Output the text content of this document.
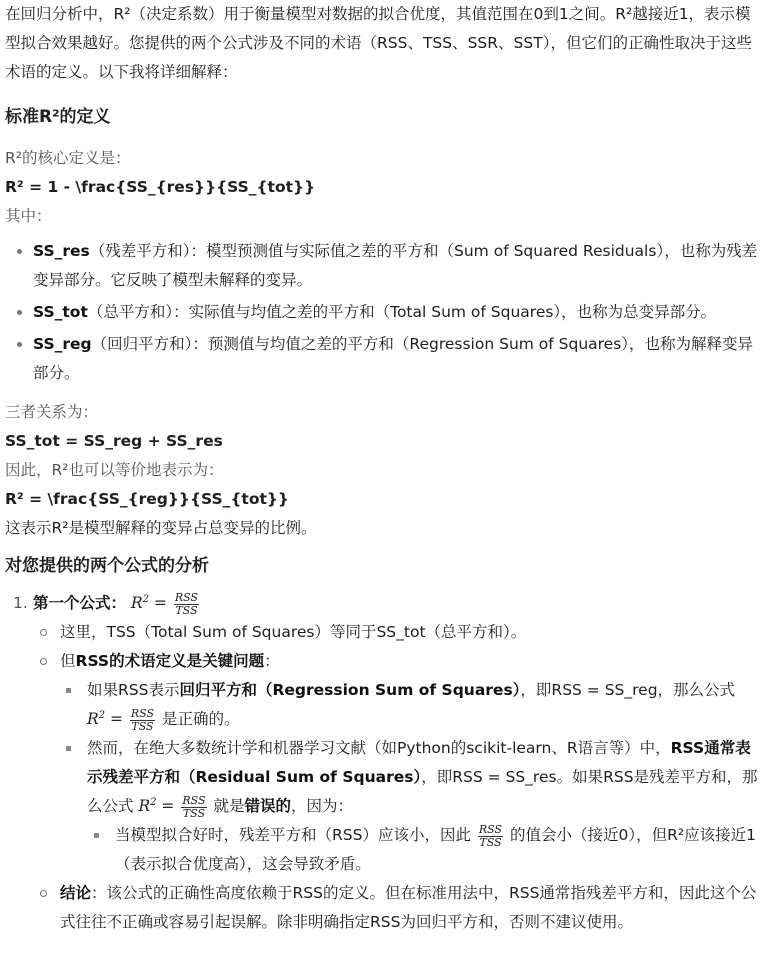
在回归分析中，R²（决定系数）用于衡量模型对数据的拟合优度，其值范围在0到1之间。R²越接近1，表示模型拟合效果越好。您提供的两个公式涉及不同的术语（RSS、TSS、SSR、SST），但它们的正确性取决于这些术语的定义。以下我将详细解释：

标准R²的定义

R²的核心定义是：

R² = 1 - \frac{SS_{res}}{SS_{tot}}

其中：

SS_res（残差平方和）：模型预测值与实际值之差的平方和（Sum of Squared Residuals），也称为残差变异部分。它反映了模型未解释的变异。
SS_tot（总平方和）：实际值与均值之差的平方和（Total Sum of Squares），也称为总变异部分。
SS_reg（回归平方和）：预测值与均值之差的平方和（Regression Sum of Squares），也称为解释变异部分。

三者关系为：

SS_tot = SS_reg + SS_res

因此，R²也可以等价地表示为：

R² = \frac{SS_{reg}}{SS_{tot}}

这表示R²是模型解释的变异占总变异的比例。

对您提供的两个公式的分析
1. 第一个公式： $R^2 = \frac{\text{RSS}}{\text{TSS}}$
这里，TSS（Total Sum of Squares）等同于SS_tot（总平方和）。
但RSS的术语定义是关键问题：
如果RSS表示回归平方和（Regression Sum of Squares），即RSS = SS_reg，那么公式
$R^2 = \frac{\text{RSS}}{\text{TSS}}$ 是正确的。
然而，在绝大多数统计学和机器学习文献（如Python的scikit-learn、R语言等）中，RSS通常表示残差平方和（Residual Sum of Squares），即RSS = SS_res。如果RSS是残差平方和，那么公式 $R^2 = \frac{\text{RSS}}{\text{TSS}}$ 就是错误的，因为：
当模型拟合好时，残差平方和（RSS）应该小，因此 $\frac{\text{RSS}}{\text{TSS}}$ 的值会小（接近0），但R²应该接近1（表示拟合优度高），这会导致矛盾。
结论：该公式的正确性高度依赖于RSS的定义。但在标准用法中，RSS通常指残差平方和，因此这个公式往往不正确或容易引起误解。除非明确指定RSS为回归平方和，否则不建议使用。
